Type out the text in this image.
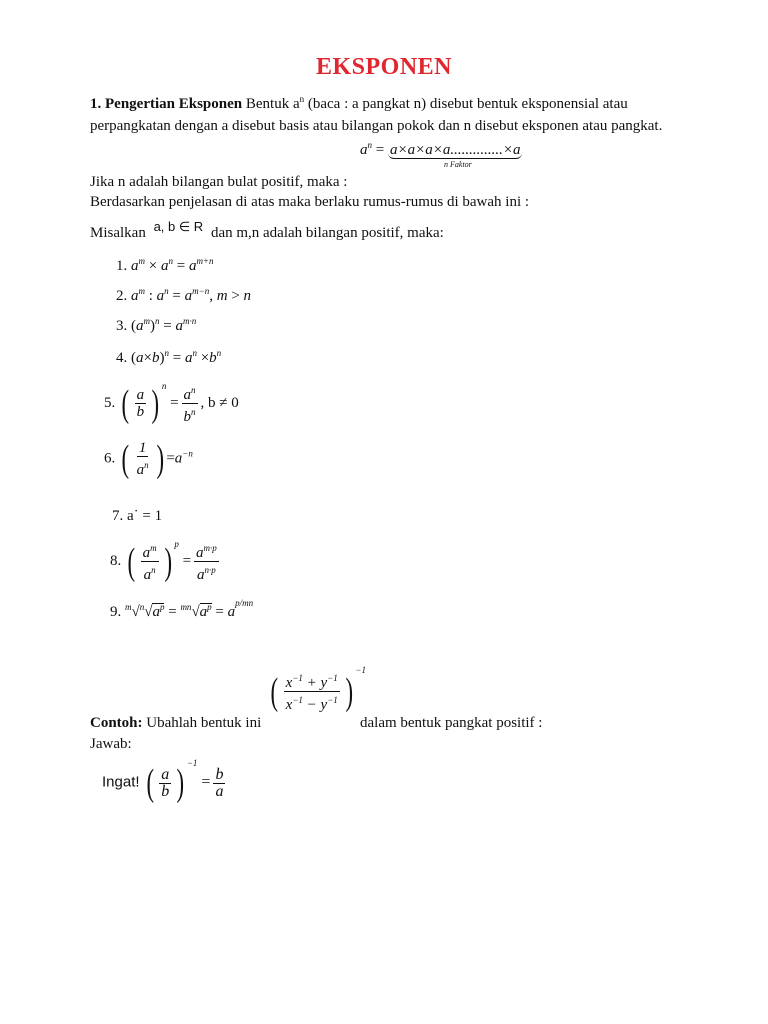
EKSPONEN
1. Pengertian Eksponen Bentuk $a^n$ (baca : a pangkat n) disebut bentuk eksponensial atau
perpangkatan dengan a disebut basis atau bilangan pokok dan n disebut eksponen atau pangkat.
$a^n = a\times a\times a\times a..............\times a$
n Faktor
Jika n adalah bilangan bulat positif, maka :
Berdasarkan penjelasan di atas maka berlaku rumus-rumus di bawah ini :
Misalkan a, b ∈ R dan m,n adalah bilangan positif, maka:
1. $a^m \times a^n = a^{m+n}$
2. $a^m$ : $a^n = a^{m-n}$, m > n
3. $(a^m)^n = a^{m\cdot n}$
4. $(a\times b)^n = a^n \times b^n$
5. ( $\frac{a}{b}$ ) $^n = \frac{a^n}{b^n}$ , b ≠ 0
6. ( $\frac{1}{a^n}$ ) $=a^{-n}$
7. a˙ = 1
8. ( $\frac{a^m}{a^n}$ ) $^p = \frac{a^{m\cdot p}}{a^{n\cdot p}}$
9. $^m√^n√a^p = ^{mn}√a^p = a^{p/mn}$
( $\frac{x^{-1} + y^{-1}}{x^{-1} - y^{-1}} )^{-1}$
Contoh: Ubahlah bentuk ini	dalam bentuk pangkat positif :
Jawab:
Ingat! ( $\frac{a}{b}$ ) $^{-1} = \frac{b}{a}$
